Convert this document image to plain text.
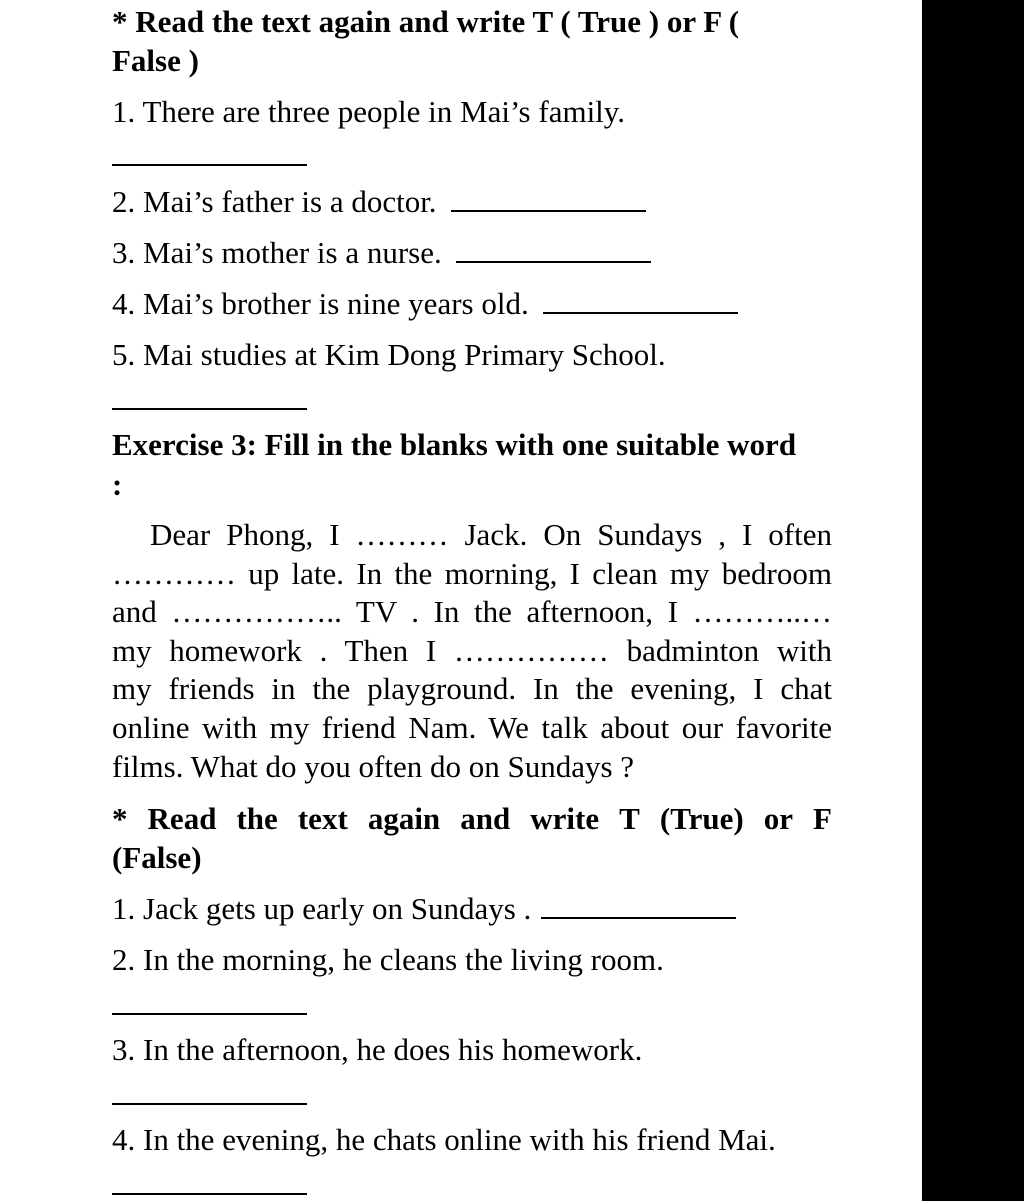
* Read the text again and write T ( True ) or F (
False )
1. There are three people in Mai’s family.
2. Mai’s father is a doctor.
3. Mai’s mother is a nurse.
4. Mai’s brother is nine years old.
5. Mai studies at Kim Dong Primary School.
Exercise 3: Fill in the blanks with one suitable word
:
Dear Phong, I ……… Jack. On Sundays , I often
………… up late. In the morning, I clean my bedroom
and …………….. TV . In the afternoon, I ………..…
my homework . Then I …………… badminton with
my friends in the playground. In the evening, I chat
online with my friend Nam. We talk about our favorite
films. What do you often do on Sundays ?
* Read the text again and write T (True) or F
(False)
1. Jack gets up early on Sundays .
2. In the morning, he cleans the living room.
3. In the afternoon, he does his homework.
4. In the evening, he chats online with his friend Mai.
